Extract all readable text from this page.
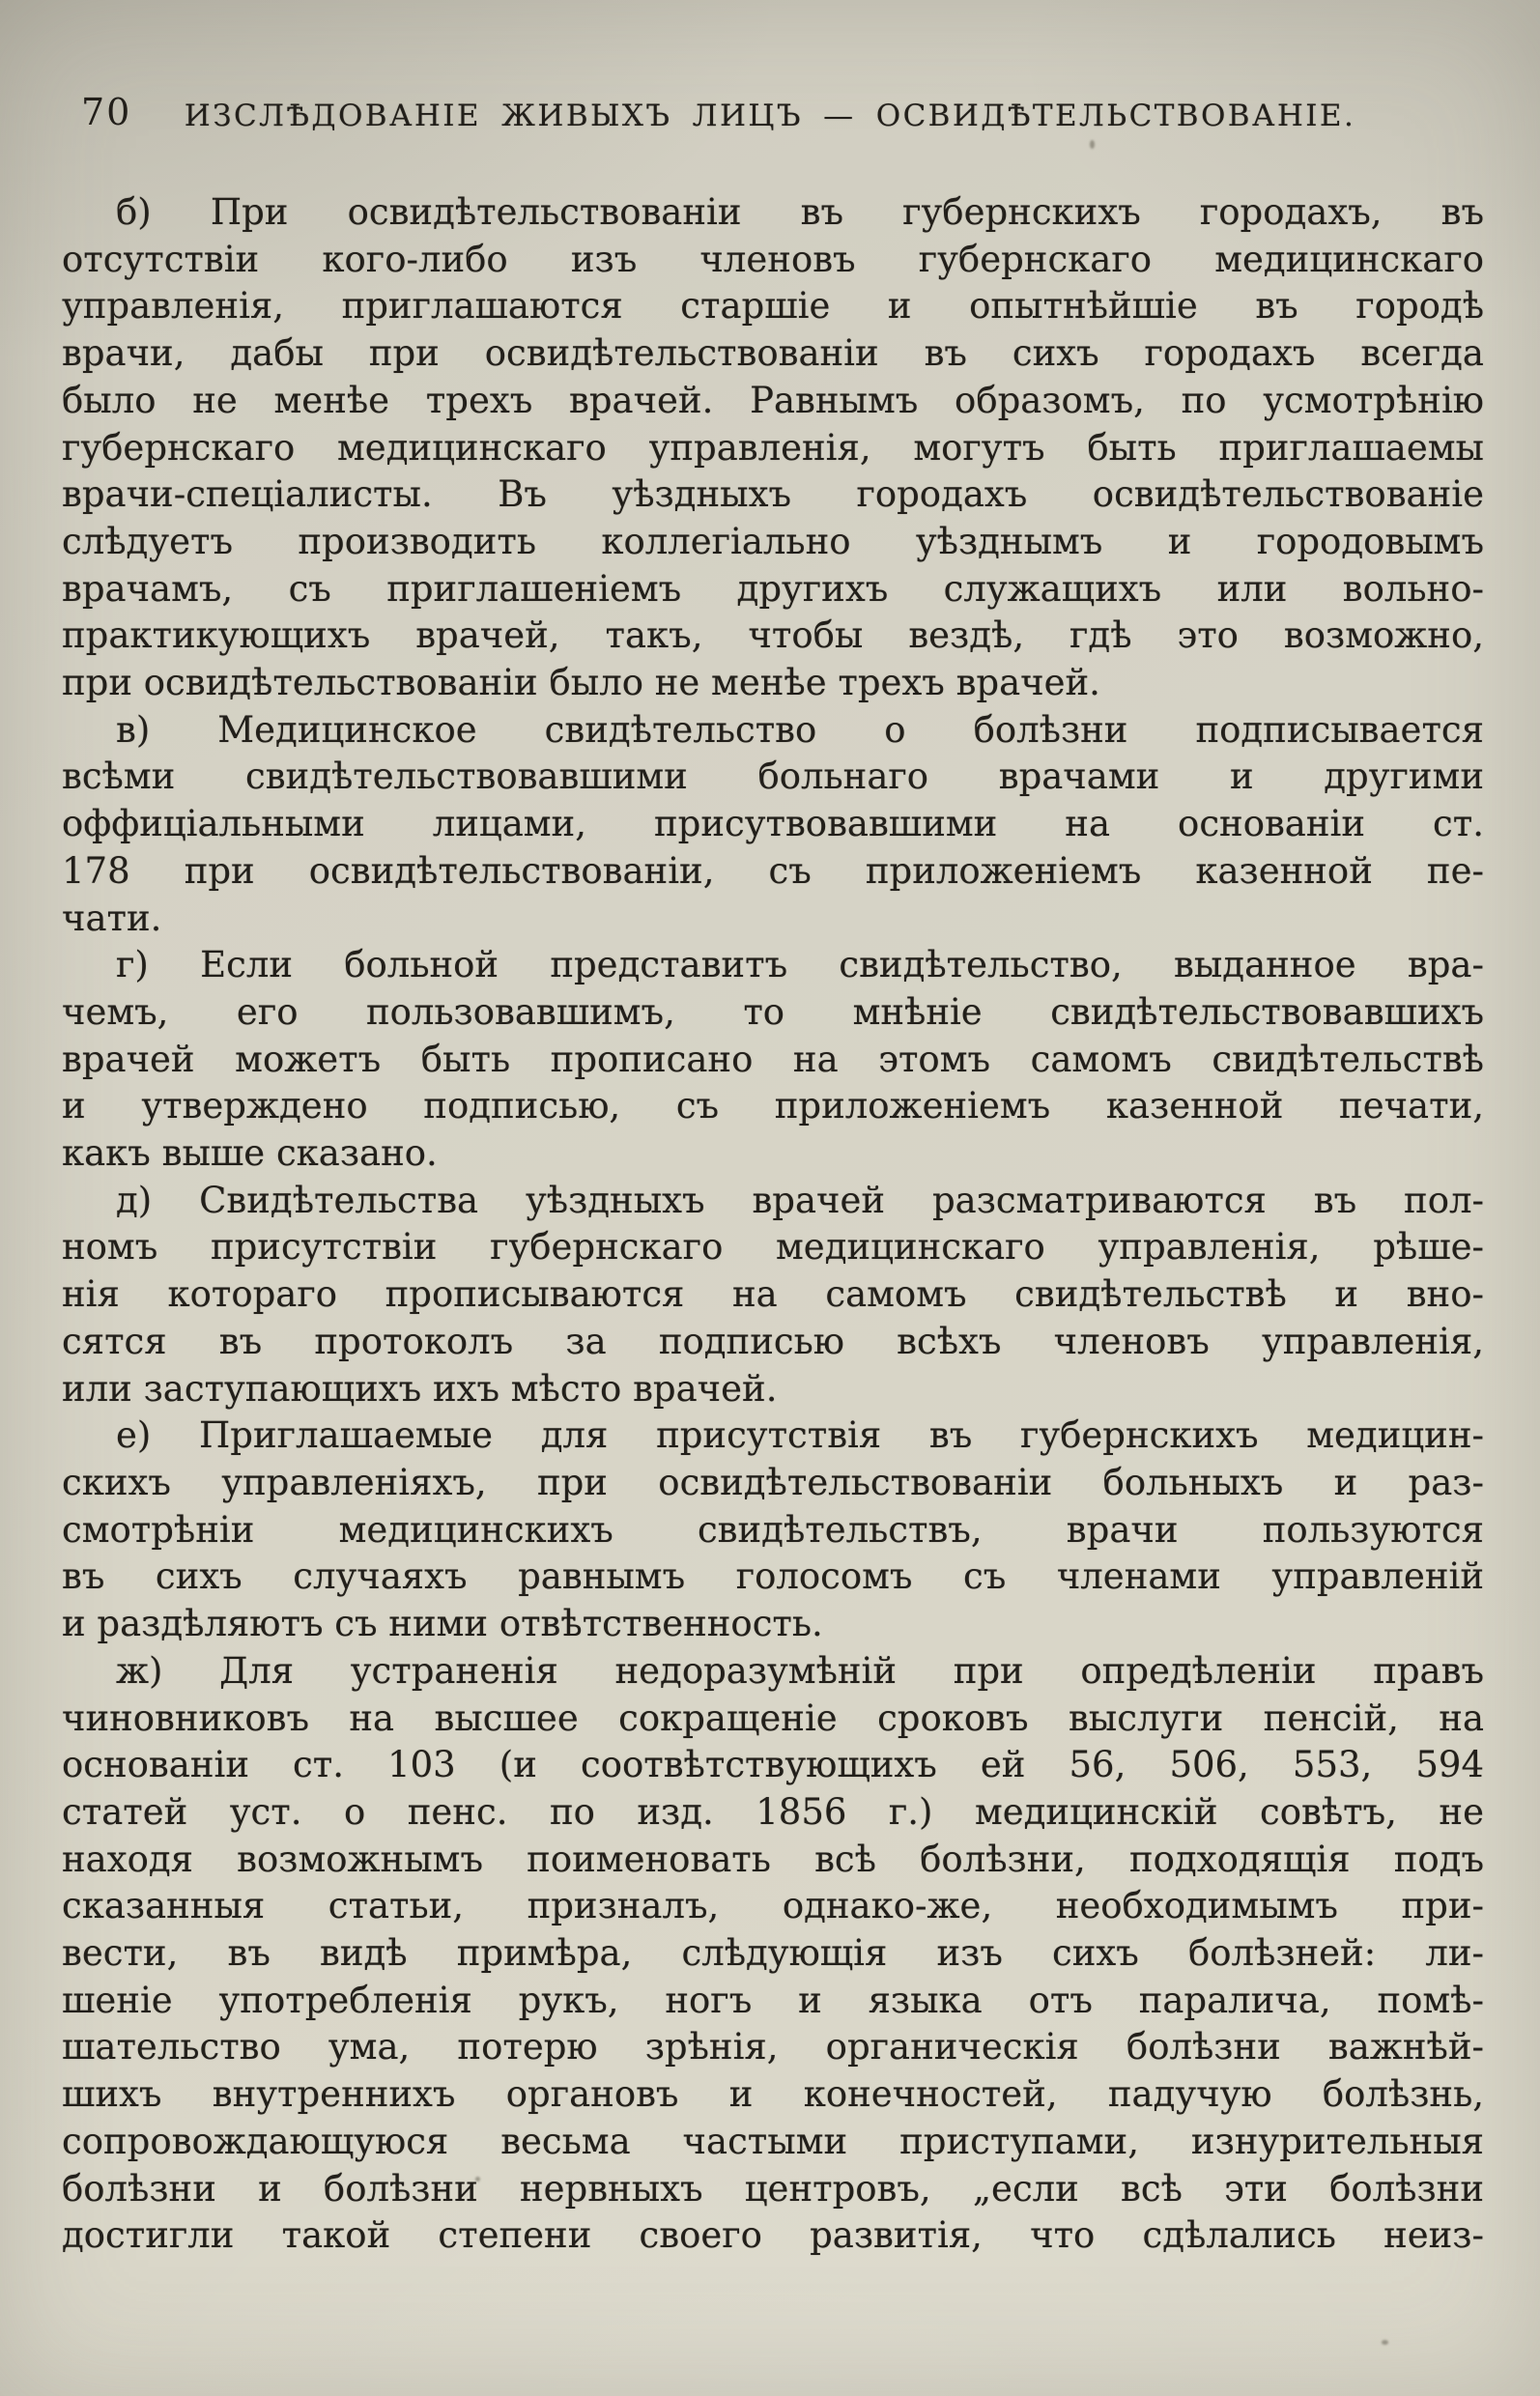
70	ИЗСЛѢДОВАНІЕ ЖИВЫХЪ ЛИЦЪ — ОСВИДѢТЕЛЬСТВОВАНІЕ.
б) При освидѣтельствованіи въ губернскихъ городахъ, въ
отсутствіи кого-либо изъ членовъ губернскаго медицинскаго
управленія, приглашаются старшіе и опытнѣйшіе въ городѣ
врачи, дабы при освидѣтельствованіи въ сихъ городахъ всегда
было не менѣе трехъ врачей. Равнымъ образомъ, по усмотрѣнію
губернскаго медицинскаго управленія, могутъ быть приглашаемы
врачи-спеціалисты. Въ уѣздныхъ городахъ освидѣтельствованіе
слѣдуетъ производить коллегіально уѣзднымъ и городовымъ
врачамъ, съ приглашеніемъ другихъ служащихъ или вольно-
практикующихъ врачей, такъ, чтобы вездѣ, гдѣ это возможно,
при освидѣтельствованіи было не менѣе трехъ врачей.
в) Медицинское свидѣтельство о болѣзни подписывается
всѣми свидѣтельствовавшими больнаго врачами и другими
оффиціальными лицами, присутвовавшими на основаніи ст.
178 при освидѣтельствованіи, съ приложеніемъ казенной пе-
чати.
г) Если больной представитъ свидѣтельство, выданное вра-
чемъ, его пользовавшимъ, то мнѣніе свидѣтельствовавшихъ
врачей можетъ быть прописано на этомъ самомъ свидѣтельствѣ
и утверждено подписью, съ приложеніемъ казенной печати,
какъ выше сказано.
д) Свидѣтельства уѣздныхъ врачей разсматриваются въ пол-
номъ присутствіи губернскаго медицинскаго управленія, рѣше-
нія котораго прописываются на самомъ свидѣтельствѣ и вно-
сятся въ протоколъ за подписью всѣхъ членовъ управленія,
или заступающихъ ихъ мѣсто врачей.
е) Приглашаемые для присутствія въ губернскихъ медицин-
скихъ управленіяхъ, при освидѣтельствованіи больныхъ и раз-
смотрѣніи медицинскихъ свидѣтельствъ, врачи пользуются
въ сихъ случаяхъ равнымъ голосомъ съ членами управленій
и раздѣляютъ съ ними отвѣтственность.
ж) Для устраненія недоразумѣній при опредѣленіи правъ
чиновниковъ на высшее сокращеніе сроковъ выслуги пенсій, на
основаніи ст. 103 (и соотвѣтствующихъ ей 56, 506, 553, 594
статей уст. о пенс. по изд. 1856 г.) медицинскій совѣтъ, не
находя возможнымъ поименовать всѣ болѣзни, подходящія подъ
сказанныя статьи, призналъ, однако-же, необходимымъ при-
вести, въ видѣ примѣра, слѣдующія изъ сихъ болѣзней: ли-
шеніе употребленія рукъ, ногъ и языка отъ паралича, помѣ-
шательство ума, потерю зрѣнія, органическія болѣзни важнѣй-
шихъ внутреннихъ органовъ и конечностей, падучую болѣзнь,
сопровождающуюся весьма частыми приступами, изнурительныя
болѣзни и болѣзни нервныхъ центровъ, „если всѣ эти болѣзни
достигли такой степени своего развитія, что сдѣлались неиз-
